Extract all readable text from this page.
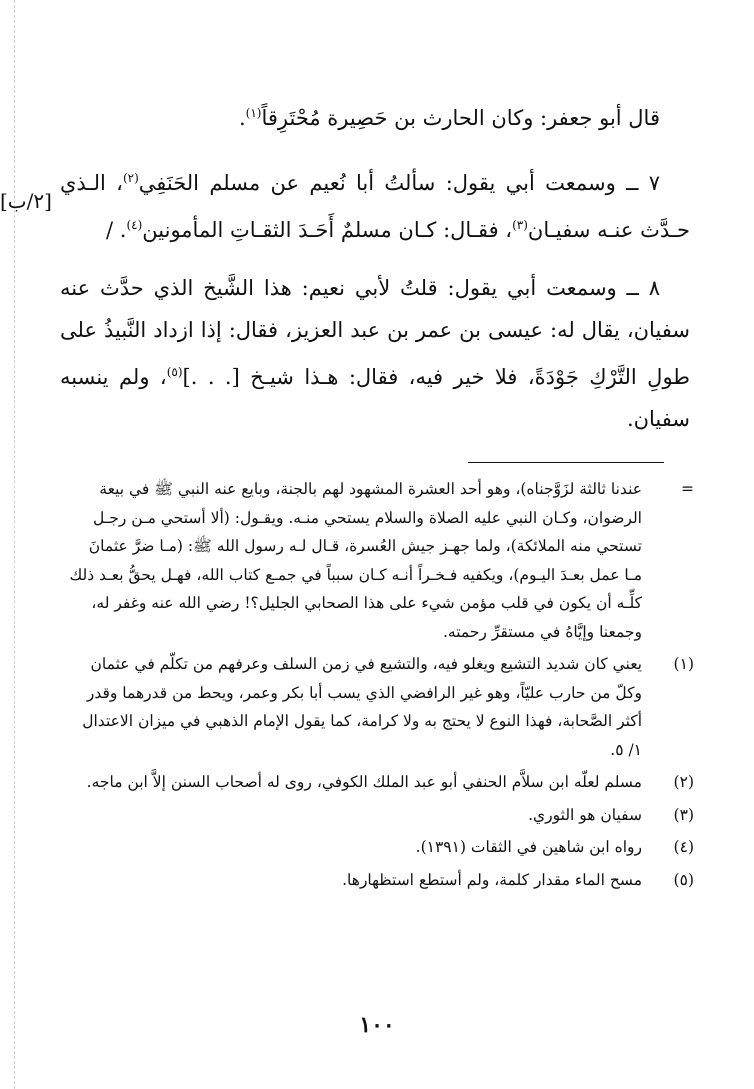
قال أبو جعفر: وكان الحارث بن حَصِيرة مُحْتَرِقاً$^{(١)}$.

٧ ــ وسمعت أبي يقول: سألتُ أبا نُعيم عن مسلم الحَنَفِي$^{(٢)}$، الـذي حـدَّث عنـه سفيـان$^{(٣)}$، فقـال: كـان مسلمٌ أَحَـدَ الثقـاتِ المأمونين$^{(٤)}$. /

٨ ــ وسمعت أبي يقول: قلتُ لأبي نعيم: هذا الشَّيخ الذي حدَّث عنه سفيان، يقال له: عيسى بن عمر بن عبد العزيز، فقال: إذا ازداد النَّبيذُ على طولِ التَّرْكِ جَوْدَةً، فلا خير فيه، فقال: هـذا شيـخ [. . .]$^{(٥)}$، ولم ينسبه سفيان.

[٢/ب]
=
عندنا ثالثة لزَوَّجناه)، وهو أحد العشرة المشهود لهم بالجنة، وبايع عنه النبي ﷺ في بيعة الرضوان، وكـان النبي عليه الصلاة والسلام يستحي منـه. ويقـول: (ألا أستحي مـن رجـل تستحي منه الملائكة)، ولما جهـز جيش العُسرة، قـال لـه رسول الله ﷺ: (مـا ضرَّ عثمانَ مـا عمل بعـدَ اليـوم)، ويكفيه فـخـراً أنـه كـان سبباً في جمـع كتاب الله، فهـل يحقُّ بعـد ذلك كلِّـه أن يكون في قلب مؤمن شيء على هذا الصحابي الجليل؟! رضي الله عنه وغفر له، وجمعنا وإيَّاهُ في مستقرِّ رحمته.
(١)
يعني كان شديد التشيع ويغلو فيه، والتشيع في زمن السلف وعرفهم من تكلّم في عثمان وكلّ من حارب عليّاً، وهو غير الرافضي الذي يسب أبا بكر وعمر، ويحط من قدرهما وقدر أكثر الصَّحابة، فهذا النوع لا يحتج به ولا كرامة، كما يقول الإمام الذهبي في ميزان الاعتدال ١/ ٥.
(٢)
مسلم لعلّه ابن سلاَّم الحنفي أبو عبد الملك الكوفي، روى له أصحاب السنن إلاَّ ابن ماجه.
(٣)
سفيان هو الثوري.
(٤)
رواه ابن شاهين في الثقات (١٣٩١).
(٥)
مسح الماء مقدار كلمة، ولم أستطع استظهارها.
١٠٠
